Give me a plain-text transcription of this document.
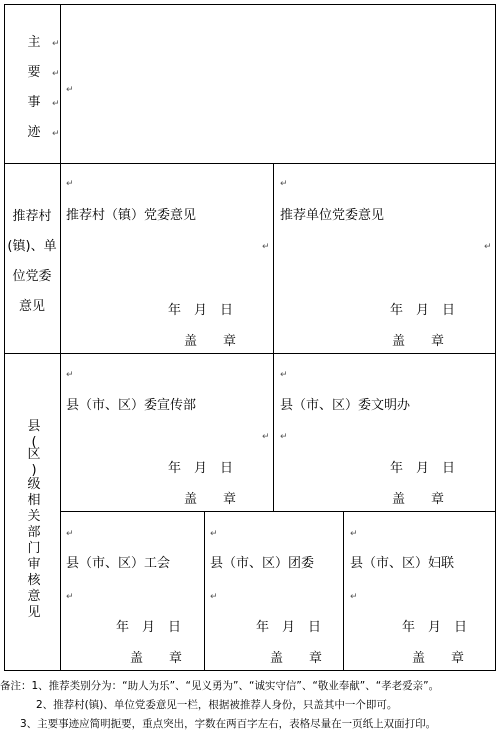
主
要
事
迹
↵
↵
↵
↵
↵
推荐村
(镇)、单
位党委
意见
↵
推荐村（镇）党委意见
↵
年　月　日
盖　　章
↵
推荐单位党委意见
↵
年　月　日
盖　　章
县
(
区
)
级
相
关
部
门
审
核
意
见
↵
县（市、区）委宣传部
↵
年　月　日
盖　　章
↵
县（市、区）委文明办
↵
年　月　日
盖　　章
↵
县（市、区）工会
↵
年　月　日
盖　　章
↵
县（市、区）团委
↵
年　月　日
盖　　章
↵
县（市、区）妇联
↵
年　月　日
盖　　章
备注：1、推荐类别分为：“助人为乐”、“见义勇为”、“诚实守信”、“敬业奉献”、“孝老爱亲”。
2、推荐村(镇)、单位党委意见一栏，根据被推荐人身份，只盖其中一个即可。
3、主要事迹应简明扼要，重点突出，字数在两百字左右，表格尽量在一页纸上双面打印。
